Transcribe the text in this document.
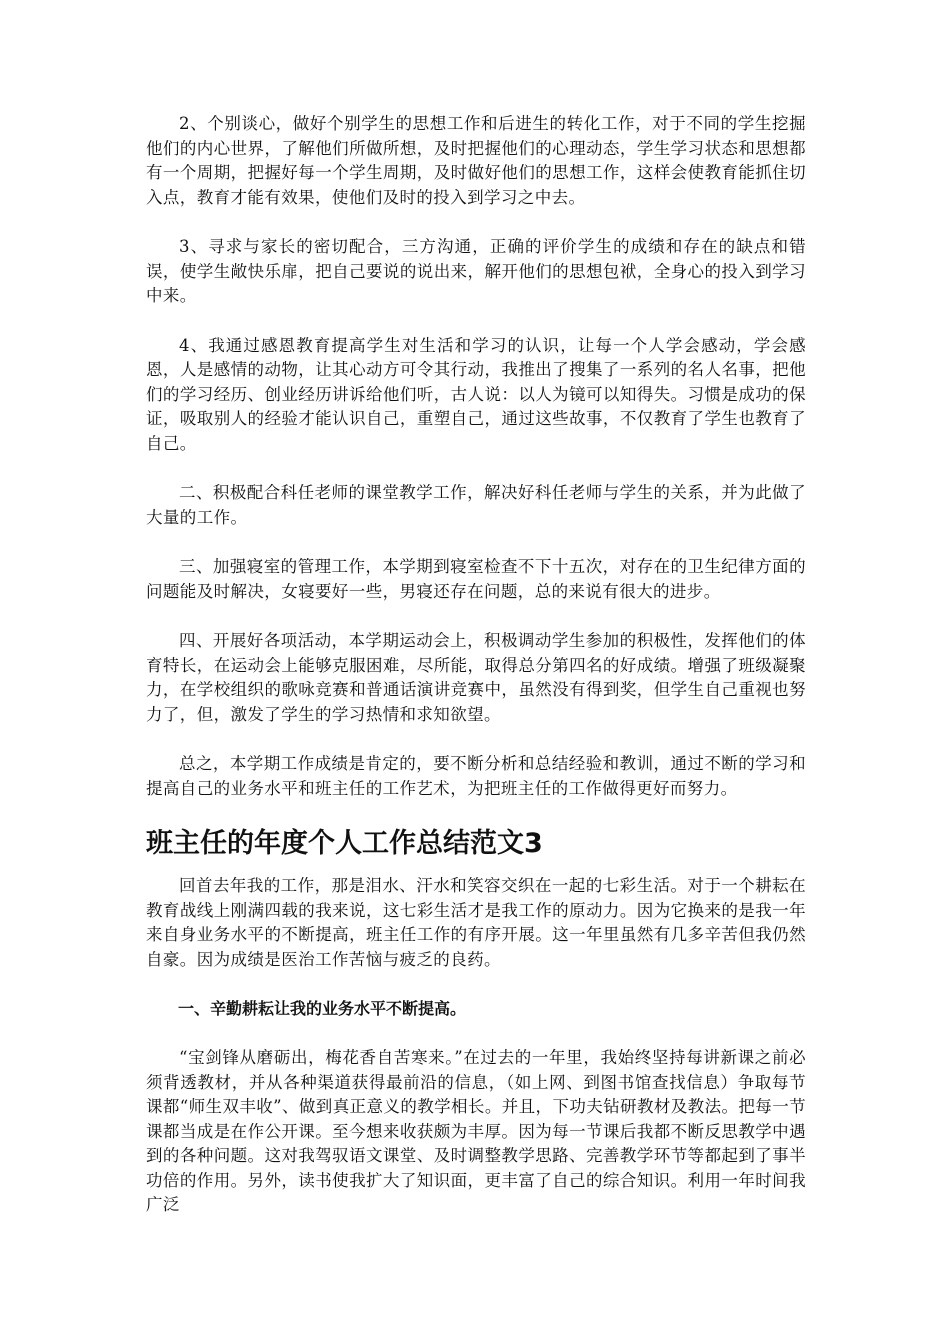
2、个别谈心，做好个别学生的思想工作和后进生的转化工作，对于不同的学生挖掘他们的内心世界，了解他们所做所想，及时把握他们的心理动态，学生学习状态和思想都有一个周期，把握好每一个学生周期，及时做好他们的思想工作，这样会使教育能抓住切入点，教育才能有效果，使他们及时的投入到学习之中去。

3、寻求与家长的密切配合，三方沟通，正确的评价学生的成绩和存在的缺点和错误，使学生敞快乐扉，把自己要说的说出来，解开他们的思想包袱，全身心的投入到学习中来。

4、我通过感恩教育提高学生对生活和学习的认识，让每一个人学会感动，学会感恩，人是感情的动物，让其心动方可令其行动，我推出了搜集了一系列的名人名事，把他们的学习经历、创业经历讲诉给他们听，古人说：以人为镜可以知得失。习惯是成功的保证，吸取别人的经验才能认识自己，重塑自己，通过这些故事，不仅教育了学生也教育了自己。

二、积极配合科任老师的课堂教学工作，解决好科任老师与学生的关系，并为此做了大量的工作。

三、加强寝室的管理工作，本学期到寝室检查不下十五次，对存在的卫生纪律方面的问题能及时解决，女寝要好一些，男寝还存在问题，总的来说有很大的进步。

四、开展好各项活动，本学期运动会上，积极调动学生参加的积极性，发挥他们的体育特长，在运动会上能够克服困难，尽所能，取得总分第四名的好成绩。增强了班级凝聚力，在学校组织的歌咏竞赛和普通话演讲竞赛中，虽然没有得到奖，但学生自己重视也努力了，但，激发了学生的学习热情和求知欲望。

总之，本学期工作成绩是肯定的，要不断分析和总结经验和教训，通过不断的学习和提高自己的业务水平和班主任的工作艺术，为把班主任的工作做得更好而努力。

班主任的年度个人工作总结范文3

回首去年我的工作，那是泪水、汗水和笑容交织在一起的七彩生活。对于一个耕耘在教育战线上刚满四载的我来说，这七彩生活才是我工作的原动力。因为它换来的是我一年来自身业务水平的不断提高，班主任工作的有序开展。这一年里虽然有几多辛苦但我仍然自豪。因为成绩是医治工作苦恼与疲乏的良药。

一、辛勤耕耘让我的业务水平不断提高。

“宝剑锋从磨砺出，梅花香自苦寒来。”在过去的一年里，我始终坚持每讲新课之前必须背透教材，并从各种渠道获得最前沿的信息，（如上网、到图书馆查找信息）争取每节课都“师生双丰收”、做到真正意义的教学相长。并且，下功夫钻研教材及教法。把每一节课都当成是在作公开课。至今想来收获颇为丰厚。因为每一节课后我都不断反思教学中遇到的各种问题。这对我驾驭语文课堂、及时调整教学思路、完善教学环节等都起到了事半功倍的作用。另外，读书使我扩大了知识面，更丰富了自己的综合知识。利用一年时间我广泛
